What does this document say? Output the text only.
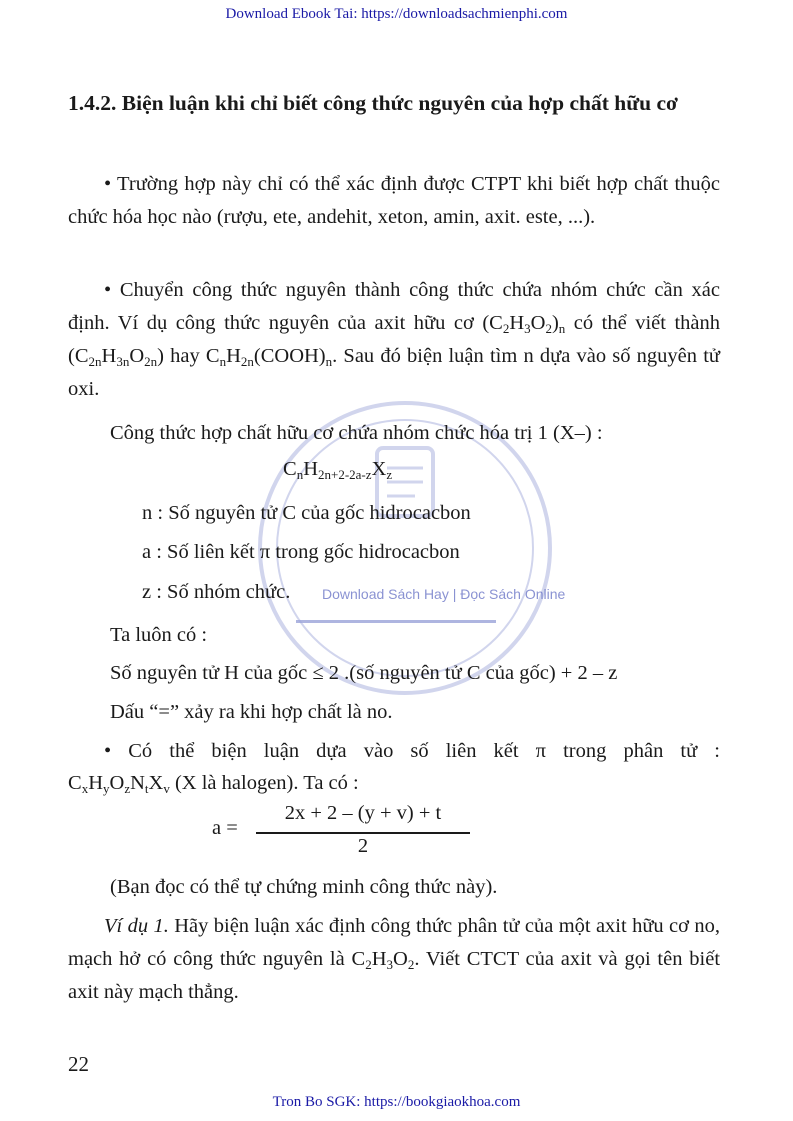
Download Ebook Tai: https://downloadsachmienphi.com
Download Sách Hay | Đọc Sách Online
1.4.2. Biện luận khi chỉ biết công thức nguyên của hợp chất hữu cơ
• Trường hợp này chỉ có thể xác định được CTPT khi biết hợp chất thuộc chức hóa học nào (rượu, ete, andehit, xeton, amin, axit. este, ...).
• Chuyển công thức nguyên thành công thức chứa nhóm chức cần xác định. Ví dụ công thức nguyên của axit hữu cơ $(C_2H_3O_2)_n$ có thể viết thành $(C_{2n}H_{3n}O_{2n})$ hay $C_nH_{2n}(COOH)_n$. Sau đó biện luận tìm n dựa vào số nguyên tử oxi.
Công thức hợp chất hữu cơ chứa nhóm chức hóa trị 1 (X–) :
$C_nH_{2n+2-2a-z}X_z$
n : Số nguyên tử C của gốc hidrocacbon
a : Số liên kết π trong gốc hidrocacbon
z : Số nhóm chức.
Ta luôn có :
Số nguyên tử H của gốc ≤ 2 .(số nguyên tử C của gốc) + 2 – z
Dấu “=” xảy ra khi hợp chất là no.
• Có thể biện luận dựa vào số liên kết π trong phân tử :
$C_xH_yO_zN_tX_v$ (X là halogen). Ta có :
a =
2x + 2 – (y + v) + t
2
(Bạn đọc có thể tự chứng minh công thức này).
Ví dụ 1. Hãy biện luận xác định công thức phân tử của một axit hữu cơ no, mạch hở có công thức nguyên là $C_2H_3O_2$. Viết CTCT của axit và gọi tên biết axit này mạch thẳng.
22
Tron Bo SGK: https://bookgiaokhoa.com
